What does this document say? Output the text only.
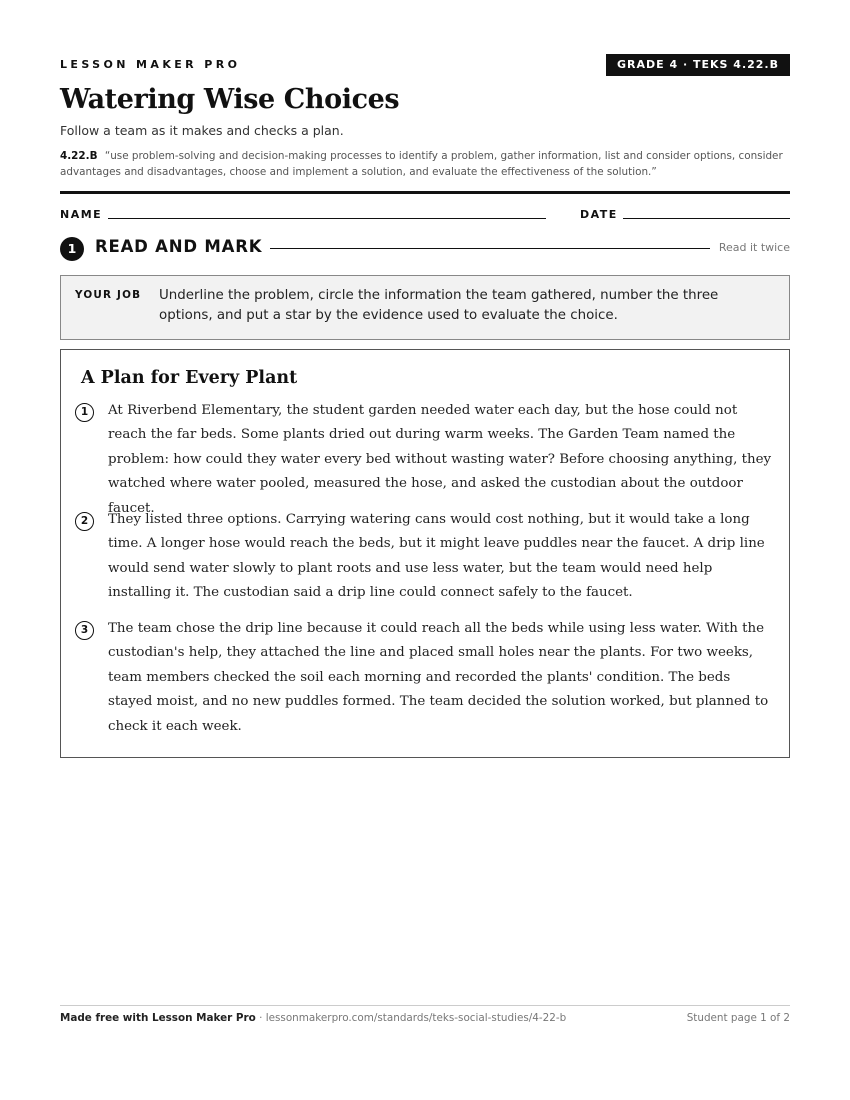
LESSON MAKER PRO	GRADE 4 · TEKS 4.22.B
Watering Wise Choices
Follow a team as it makes and checks a plan.
4.22.B “use problem-solving and decision-making processes to identify a problem, gather information, list and consider options, consider advantages and disadvantages, choose and implement a solution, and evaluate the effectiveness of the solution.”
NAME	DATE
1	READ AND MARK	Read it twice
YOUR JOB Underline the problem, circle the information the team gathered, number the three options, and put a star by the evidence used to evaluate the choice.
A Plan for Every Plant
1	At Riverbend Elementary, the student garden needed water each day, but the hose could not reach the far beds. Some plants dried out during warm weeks. The Garden Team named the problem: how could they water every bed without wasting water? Before choosing anything, they watched where water pooled, measured the hose, and asked the custodian about the outdoor faucet.

2	They listed three options. Carrying watering cans would cost nothing, but it would take a long time. A longer hose would reach the beds, but it might leave puddles near the faucet. A drip line would send water slowly to plant roots and use less water, but the team would need help installing it. The custodian said a drip line could connect safely to the faucet.

3	The team chose the drip line because it could reach all the beds while using less water. With the custodian's help, they attached the line and placed small holes near the plants. For two weeks, team members checked the soil each morning and recorded the plants' condition. The beds stayed moist, and no new puddles formed. The team decided the solution worked, but planned to check it each week.

Made free with Lesson Maker Pro · lessonmakerpro.com/standards/teks-social-studies/4-22-b	Student page 1 of 2
